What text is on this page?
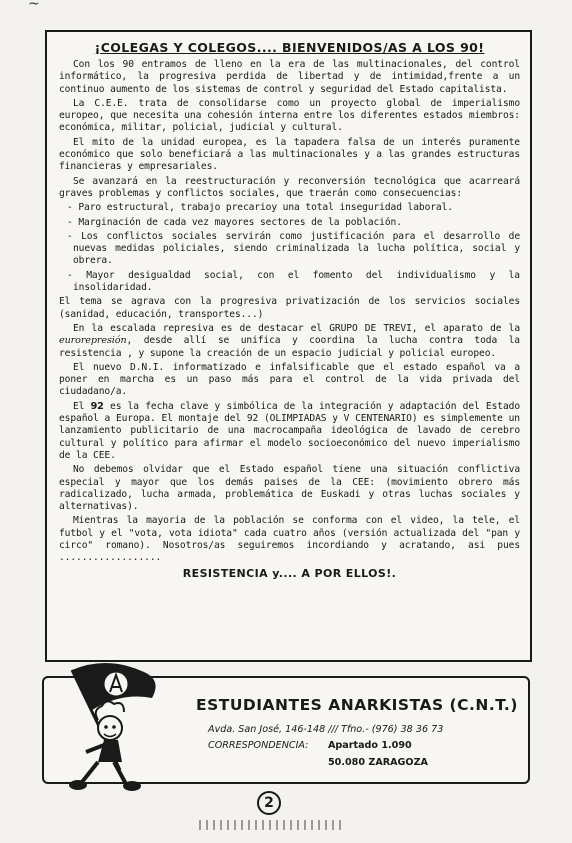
~
¡COLEGAS Y COLEGOS.... BIENVENIDOS/AS A LOS 90!

Con los 90 entramos de lleno en la era de las multinacionales, del control informático, la progresiva perdida de libertad y de intimidad,frente a un continuo aumento de los sistemas de control y seguridad del Estado capitalista.

La C.E.E. trata de consolidarse como un proyecto global de imperialismo europeo, que necesita una cohesión interna entre los diferentes estados miembros: económica, militar, policial, judicial y cultural.

El mito de la unidad europea, es la tapadera falsa de un interés puramente económico que solo beneficiará a las multinacionales y a las grandes estructuras financieras y empresariales.

Se avanzará en la reestructuración y reconversión tecnológica que acarreará graves problemas y conflictos sociales, que traerán como consecuencias:

- Paro estructural, trabajo precarioy una total inseguridad laboral.

- Marginación de cada vez mayores sectores de la población.

- Los conflictos sociales servirán como justificación para el desarrollo de nuevas medidas policiales, siendo criminalizada la lucha política, social y obrera.

- Mayor desigualdad social, con el fomento del individualismo y la insolidaridad.

El tema se agrava con la progresiva privatización de los servicios sociales (sanidad, educación, transportes...)

En la escalada represiva es de destacar el GRUPO DE TREVI, el aparato de la eurorepresión, desde allí se unifica y coordina la lucha contra toda la resistencia , y supone la creación de un espacio judicial y policial europeo.

El nuevo D.N.I. informatizado e infalsificable que el estado español va a poner en marcha es un paso más para el control de la vida privada del ciudadano/a.

El 92 es la fecha clave y simbólica de la integración y adaptación del Estado español a Europa. El montaje del 92 (OLIMPIADAS y V CENTENARIO) es simplemente un lanzamiento publicitario de una macrocampaña ideológica de lavado de cerebro cultural y político para afirmar el modelo socioeconómico del nuevo imperialismo de la CEE.

No debemos olvidar que el Estado español tiene una situación conflictiva especial y mayor que los demás paises de la CEE: (movimiento obrero más radicalizado, lucha armada, problemática de Euskadi y otras luchas sociales y alternativas).

Mientras la mayoria de la población se conforma con el video, la tele, el futbol y el "vota, vota idiota" cada cuatro años (versión actualizada del "pan y circo" romano). Nosotros/as seguiremos incordiando y acratando, asi pues ..................

RESISTENCIA y.... A POR ELLOS!.
ESTUDIANTES ANARKISTAS (C.N.T.)
Avda. San José, 146-148 /// Tfno.- (976) 38 36 73
CORRESPONDENCIA: Apartado 1.090
50.080 ZARAGOZA
2
